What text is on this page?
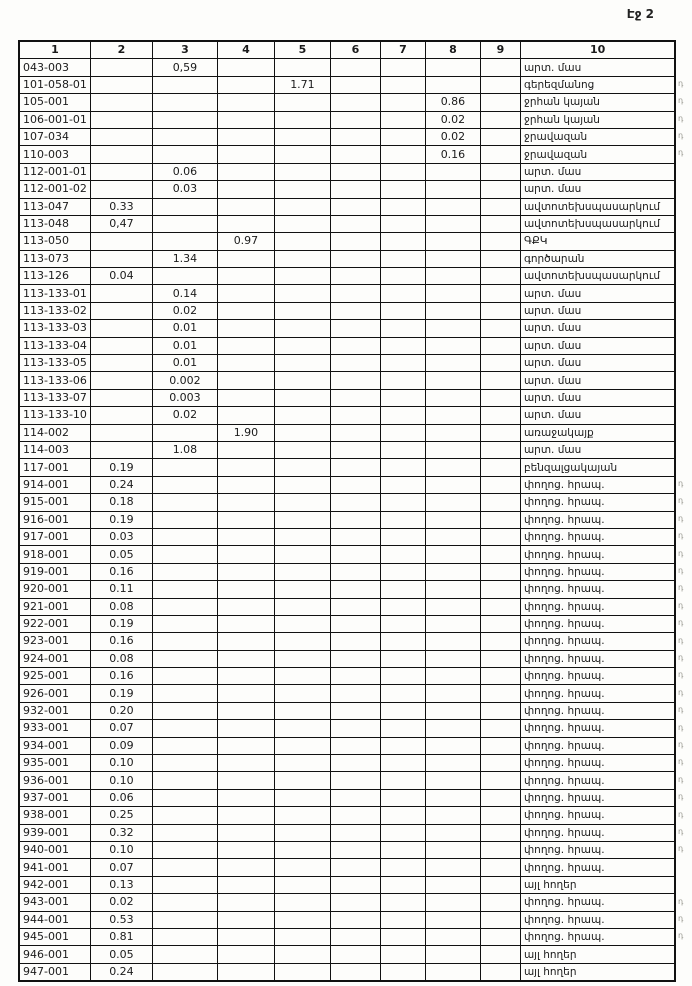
Էջ 2
1	2	3	4	5	6	7	8	9	10
043-003		0,59							արտ. մաս
101-058-01				1.71					գերեզմանոց
105-001							0.86		ջրհան կայան
106-001-01							0.02		ջրհան կայան
107-034							0.02		ջրավազան
110-003							0.16		ջրավազան
112-001-01		0.06							արտ. մաս
112-001-02		0.03							արտ. մաս
113-047	0.33								ավտոտեխսպասարկում
113-048	0,47								ավտոտեխսպասարկում
113-050			0.97						ԳՔԿ
113-073		1.34							գործարան
113-126	0.04								ավտոտեխսպասարկում
113-133-01		0.14							արտ. մաս
113-133-02		0.02							արտ. մաս
113-133-03		0.01							արտ. մաս
113-133-04		0.01							արտ. մաս
113-133-05		0.01							արտ. մաս
113-133-06		0.002							արտ. մաս
113-133-07		0.003							արտ. մաս
113-133-10		0.02							արտ. մաս
114-002			1.90						առաջակայք
114-003		1.08							արտ. մաս
117-001	0.19								բենզալցակայան
914-001	0.24								փողոց. հրապ.
915-001	0.18								փողոց. հրապ.
916-001	0.19								փողոց. հրապ.
917-001	0.03								փողոց. հրապ.
918-001	0.05								փողոց. հրապ.
919-001	0.16								փողոց. հրապ.
920-001	0.11								փողոց. հրապ.
921-001	0.08								փողոց. հրապ.
922-001	0.19								փողոց. հրապ.
923-001	0.16								փողոց. հրապ.
924-001	0.08								փողոց. հրապ.
925-001	0.16								փողոց. հրապ.
926-001	0.19								փողոց. հրապ.
932-001	0.20								փողոց. հրապ.
933-001	0.07								փողոց. հրապ.
934-001	0.09								փողոց. հրապ.
935-001	0.10								փողոց. հրապ.
936-001	0.10								փողոց. հրապ.
937-001	0.06								փողոց. հրապ.
938-001	0.25								փողոց. հրապ.
939-001	0.32								փողոց. հրապ.
940-001	0.10								փողոց. հրապ.
941-001	0.07								փողոց. հրապ.
942-001	0.13								այլ հողեր
943-001	0.02								փողոց. հրապ.
944-001	0.53								փողոց. հրապ.
945-001	0.81								փողոց. հրապ.
946-001	0.05								այլ հողեր
947-001	0.24								այլ հողեր
դ
դ
դ
դ
դ
դ
դ
դ
դ
դ
դ
դ
դ
դ
դ
դ
դ
դ
դ
դ
դ
դ
դ
դ
դ
դ
դ
դ
դ
դ
